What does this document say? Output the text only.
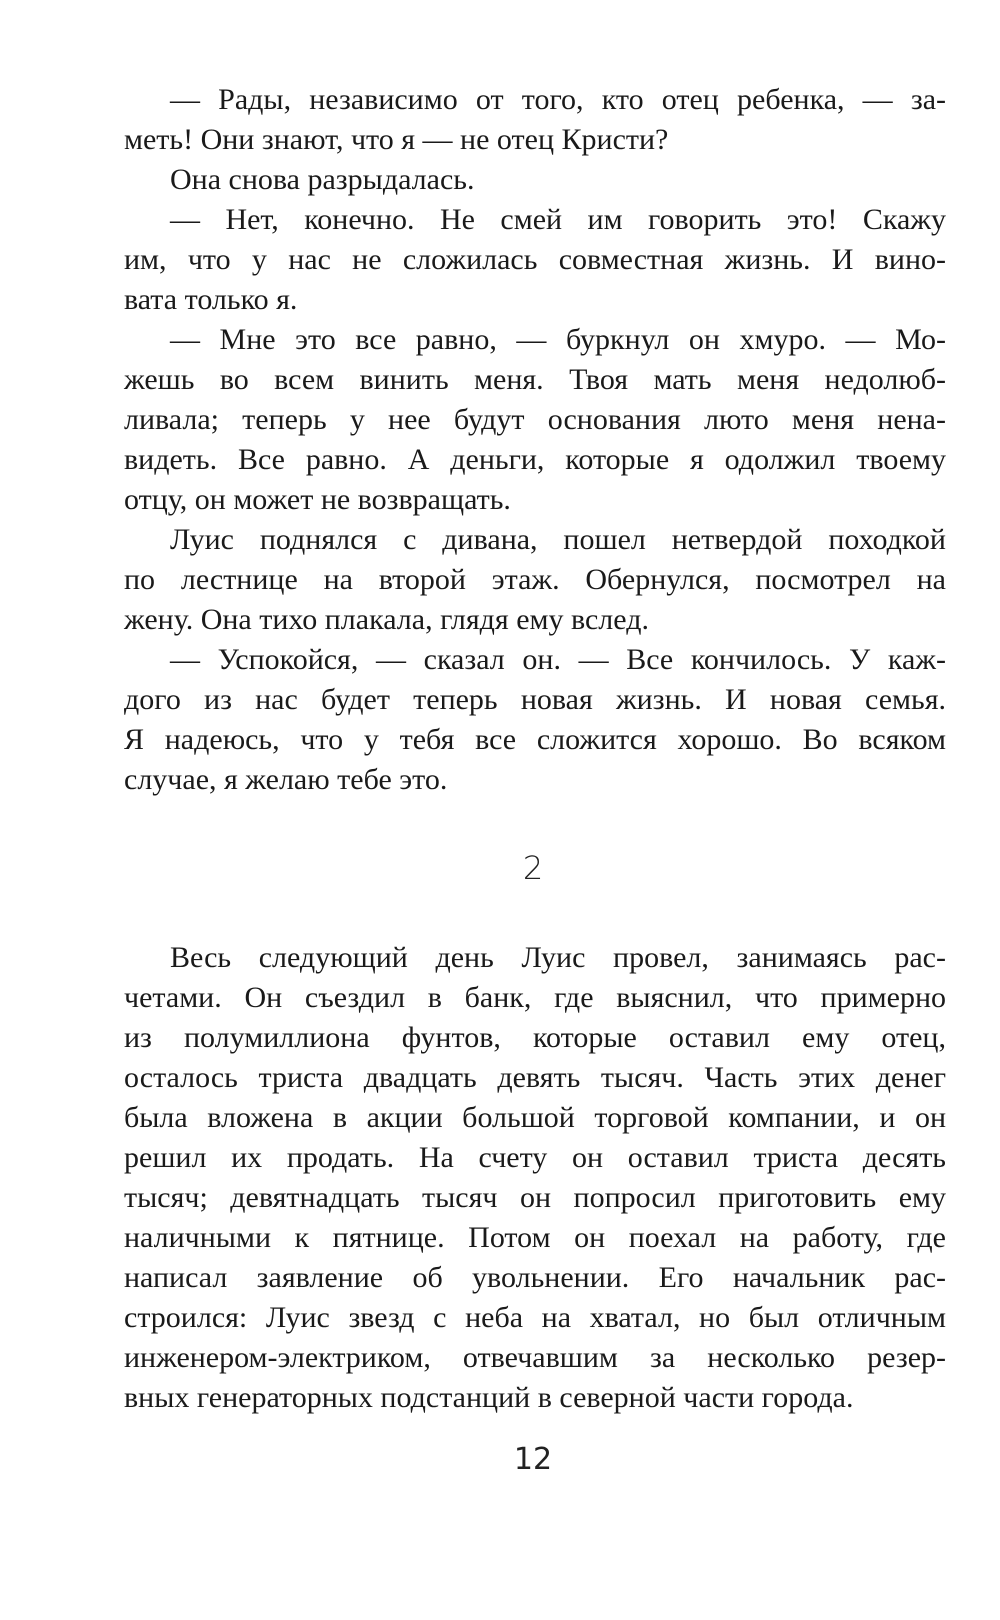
— Рады, независимо от того, кто отец ребенка, — за-
меть! Они знают, что я — не отец Кристи?
Она снова разрыдалась.
— Нет, конечно. Не смей им говорить это! Скажу
им, что у нас не сложилась совместная жизнь. И вино-
вата только я.
— Мне это все равно, — буркнул он хмуро. — Мо-
жешь во всем винить меня. Твоя мать меня недолюб-
ливала; теперь у нее будут основания люто меня нена-
видеть. Все равно. А деньги, которые я одолжил твоему
отцу, он может не возвращать.
Луис поднялся с дивана, пошел нетвердой походкой
по лестнице на второй этаж. Обернулся, посмотрел на
жену. Она тихо плакала, глядя ему вслед.
— Успокойся, — сказал он. — Все кончилось. У каж-
дого из нас будет теперь новая жизнь. И новая семья.
Я надеюсь, что у тебя все сложится хорошо. Во всяком
случае, я желаю тебе это.
2
Весь следующий день Луис провел, занимаясь рас-
четами. Он съездил в банк, где выяснил, что примерно
из полумиллиона фунтов, которые оставил ему отец,
осталось триста двадцать девять тысяч. Часть этих денег
была вложена в акции большой торговой компании, и он
решил их продать. На счету он оставил триста десять
тысяч; девятнадцать тысяч он попросил приготовить ему
наличными к пятнице. Потом он поехал на работу, где
написал заявление об увольнении. Его начальник рас-
строился: Луис звезд с неба на хватал, но был отличным
инженером-электриком, отвечавшим за несколько резер-
вных генераторных подстанций в северной части города.
12
